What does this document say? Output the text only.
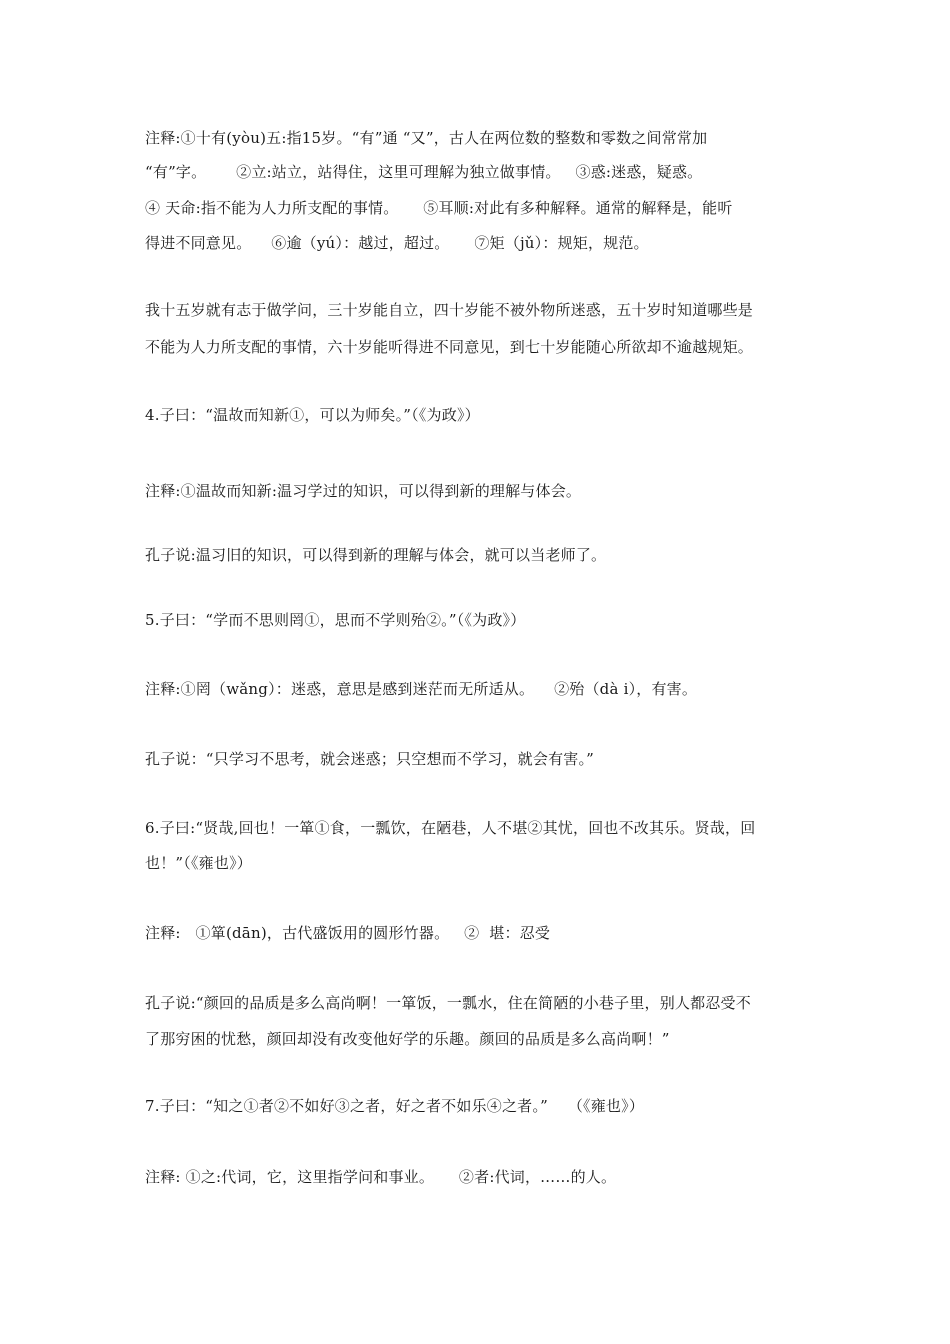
注释:①十有(yòu)五:指15岁。“有”通 “又”，古人在两位数的整数和零数之间常常加
“有”字。      ②立:站立，站得住，这里可理解为独立做事情。   ③惑:迷惑，疑惑。
④ 天命:指不能为人力所支配的事情。     ⑤耳顺:对此有多种解释。通常的解释是，能听
得进不同意见。    ⑥逾（yú）：越过，超过。     ⑦矩（jǔ）：规矩，规范。
我十五岁就有志于做学问，三十岁能自立，四十岁能不被外物所迷惑，五十岁时知道哪些是
不能为人力所支配的事情，六十岁能听得进不同意见，到七十岁能随心所欲却不逾越规矩。
4.子曰：“温故而知新①，可以为师矣。”（《为政》）
注释:①温故而知新:温习学过的知识，可以得到新的理解与体会。
孔子说:温习旧的知识，可以得到新的理解与体会，就可以当老师了。
5.子曰：“学而不思则罔①，思而不学则殆②。”（《为政》）
注释:①罔（wǎng）：迷惑，意思是感到迷茫而无所适从。    ②殆（dà i），有害。
孔子说：“只学习不思考，就会迷惑；只空想而不学习，就会有害。”
6.子曰:“贤哉,回也！一箪①食，一瓢饮，在陋巷，人不堪②其忧，回也不改其乐。贤哉，回
也！”（《雍也》）
注释:   ①箪(dān)，古代盛饭用的圆形竹器。   ②  堪：忍受
孔子说:“颜回的品质是多么高尚啊！一箪饭，一瓢水，住在简陋的小巷子里，别人都忍受不
了那穷困的忧愁，颜回却没有改变他好学的乐趣。颜回的品质是多么高尚啊！”
7.子曰：“知之①者②不如好③之者，好之者不如乐④之者。”    （《雍也》）
注释: ①之:代词，它，这里指学问和事业。     ②者:代词，……的人。
